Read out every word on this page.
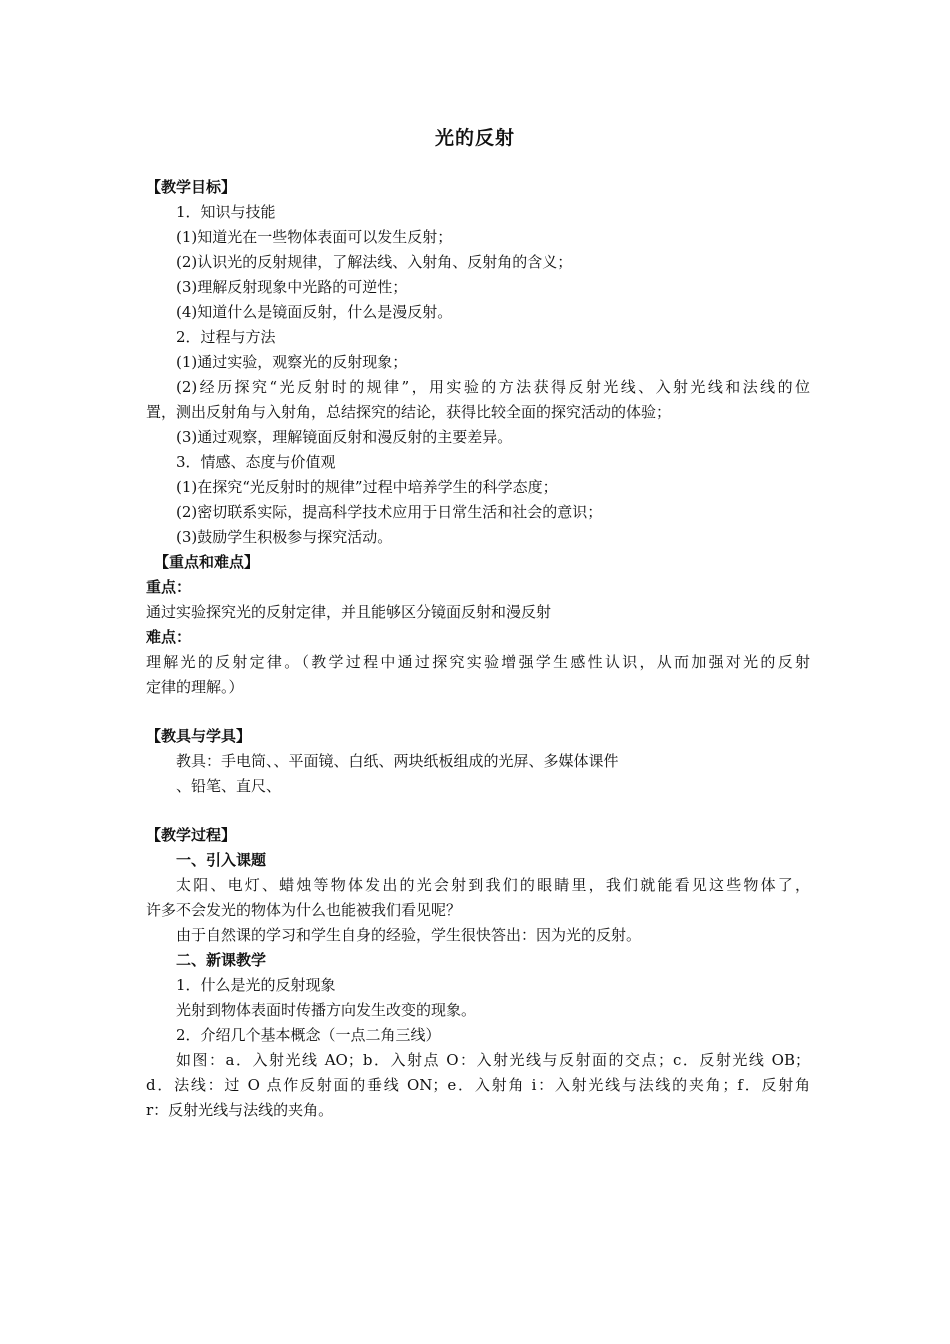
光的反射
【教学目标】
1．知识与技能
(1)知道光在一些物体表面可以发生反射；
(2)认识光的反射规律，了解法线、入射角、反射角的含义；
(3)理解反射现象中光路的可逆性；
(4)知道什么是镜面反射，什么是漫反射。
2．过程与方法
(1)通过实验，观察光的反射现象；
(2)经历探究“光反射时的规律”，用实验的方法获得反射光线、入射光线和法线的位
置，测出反射角与入射角，总结探究的结论，获得比较全面的探究活动的体验；
(3)通过观察，理解镜面反射和漫反射的主要差异。
3．情感、态度与价值观
(1)在探究“光反射时的规律”过程中培养学生的科学态度；
(2)密切联系实际，提高科学技术应用于日常生活和社会的意识；
(3)鼓励学生积极参与探究活动。
【重点和难点】
重点：
通过实验探究光的反射定律，并且能够区分镜面反射和漫反射
难点：
理解光的反射定律。（教学过程中通过探究实验增强学生感性认识，从而加强对光的反射
定律的理解。）
【教具与学具】
教具：手电筒、、平面镜、白纸、两块纸板组成的光屏、多媒体课件
、铅笔、直尺、
【教学过程】
一、引入课题
太阳、电灯、蜡烛等物体发出的光会射到我们的眼睛里，我们就能看见这些物体了，
许多不会发光的物体为什么也能被我们看见呢？
由于自然课的学习和学生自身的经验，学生很快答出：因为光的反射。
二、新课教学
1．什么是光的反射现象
光射到物体表面时传播方向发生改变的现象。
2．介绍几个基本概念（一点二角三线）
如图：a．入射光线 AO；b．入射点 O：入射光线与反射面的交点；c．反射光线 OB；
d．法线：过 O 点作反射面的垂线 ON；e．入射角 i：入射光线与法线的夹角；f．反射角
r：反射光线与法线的夹角。
